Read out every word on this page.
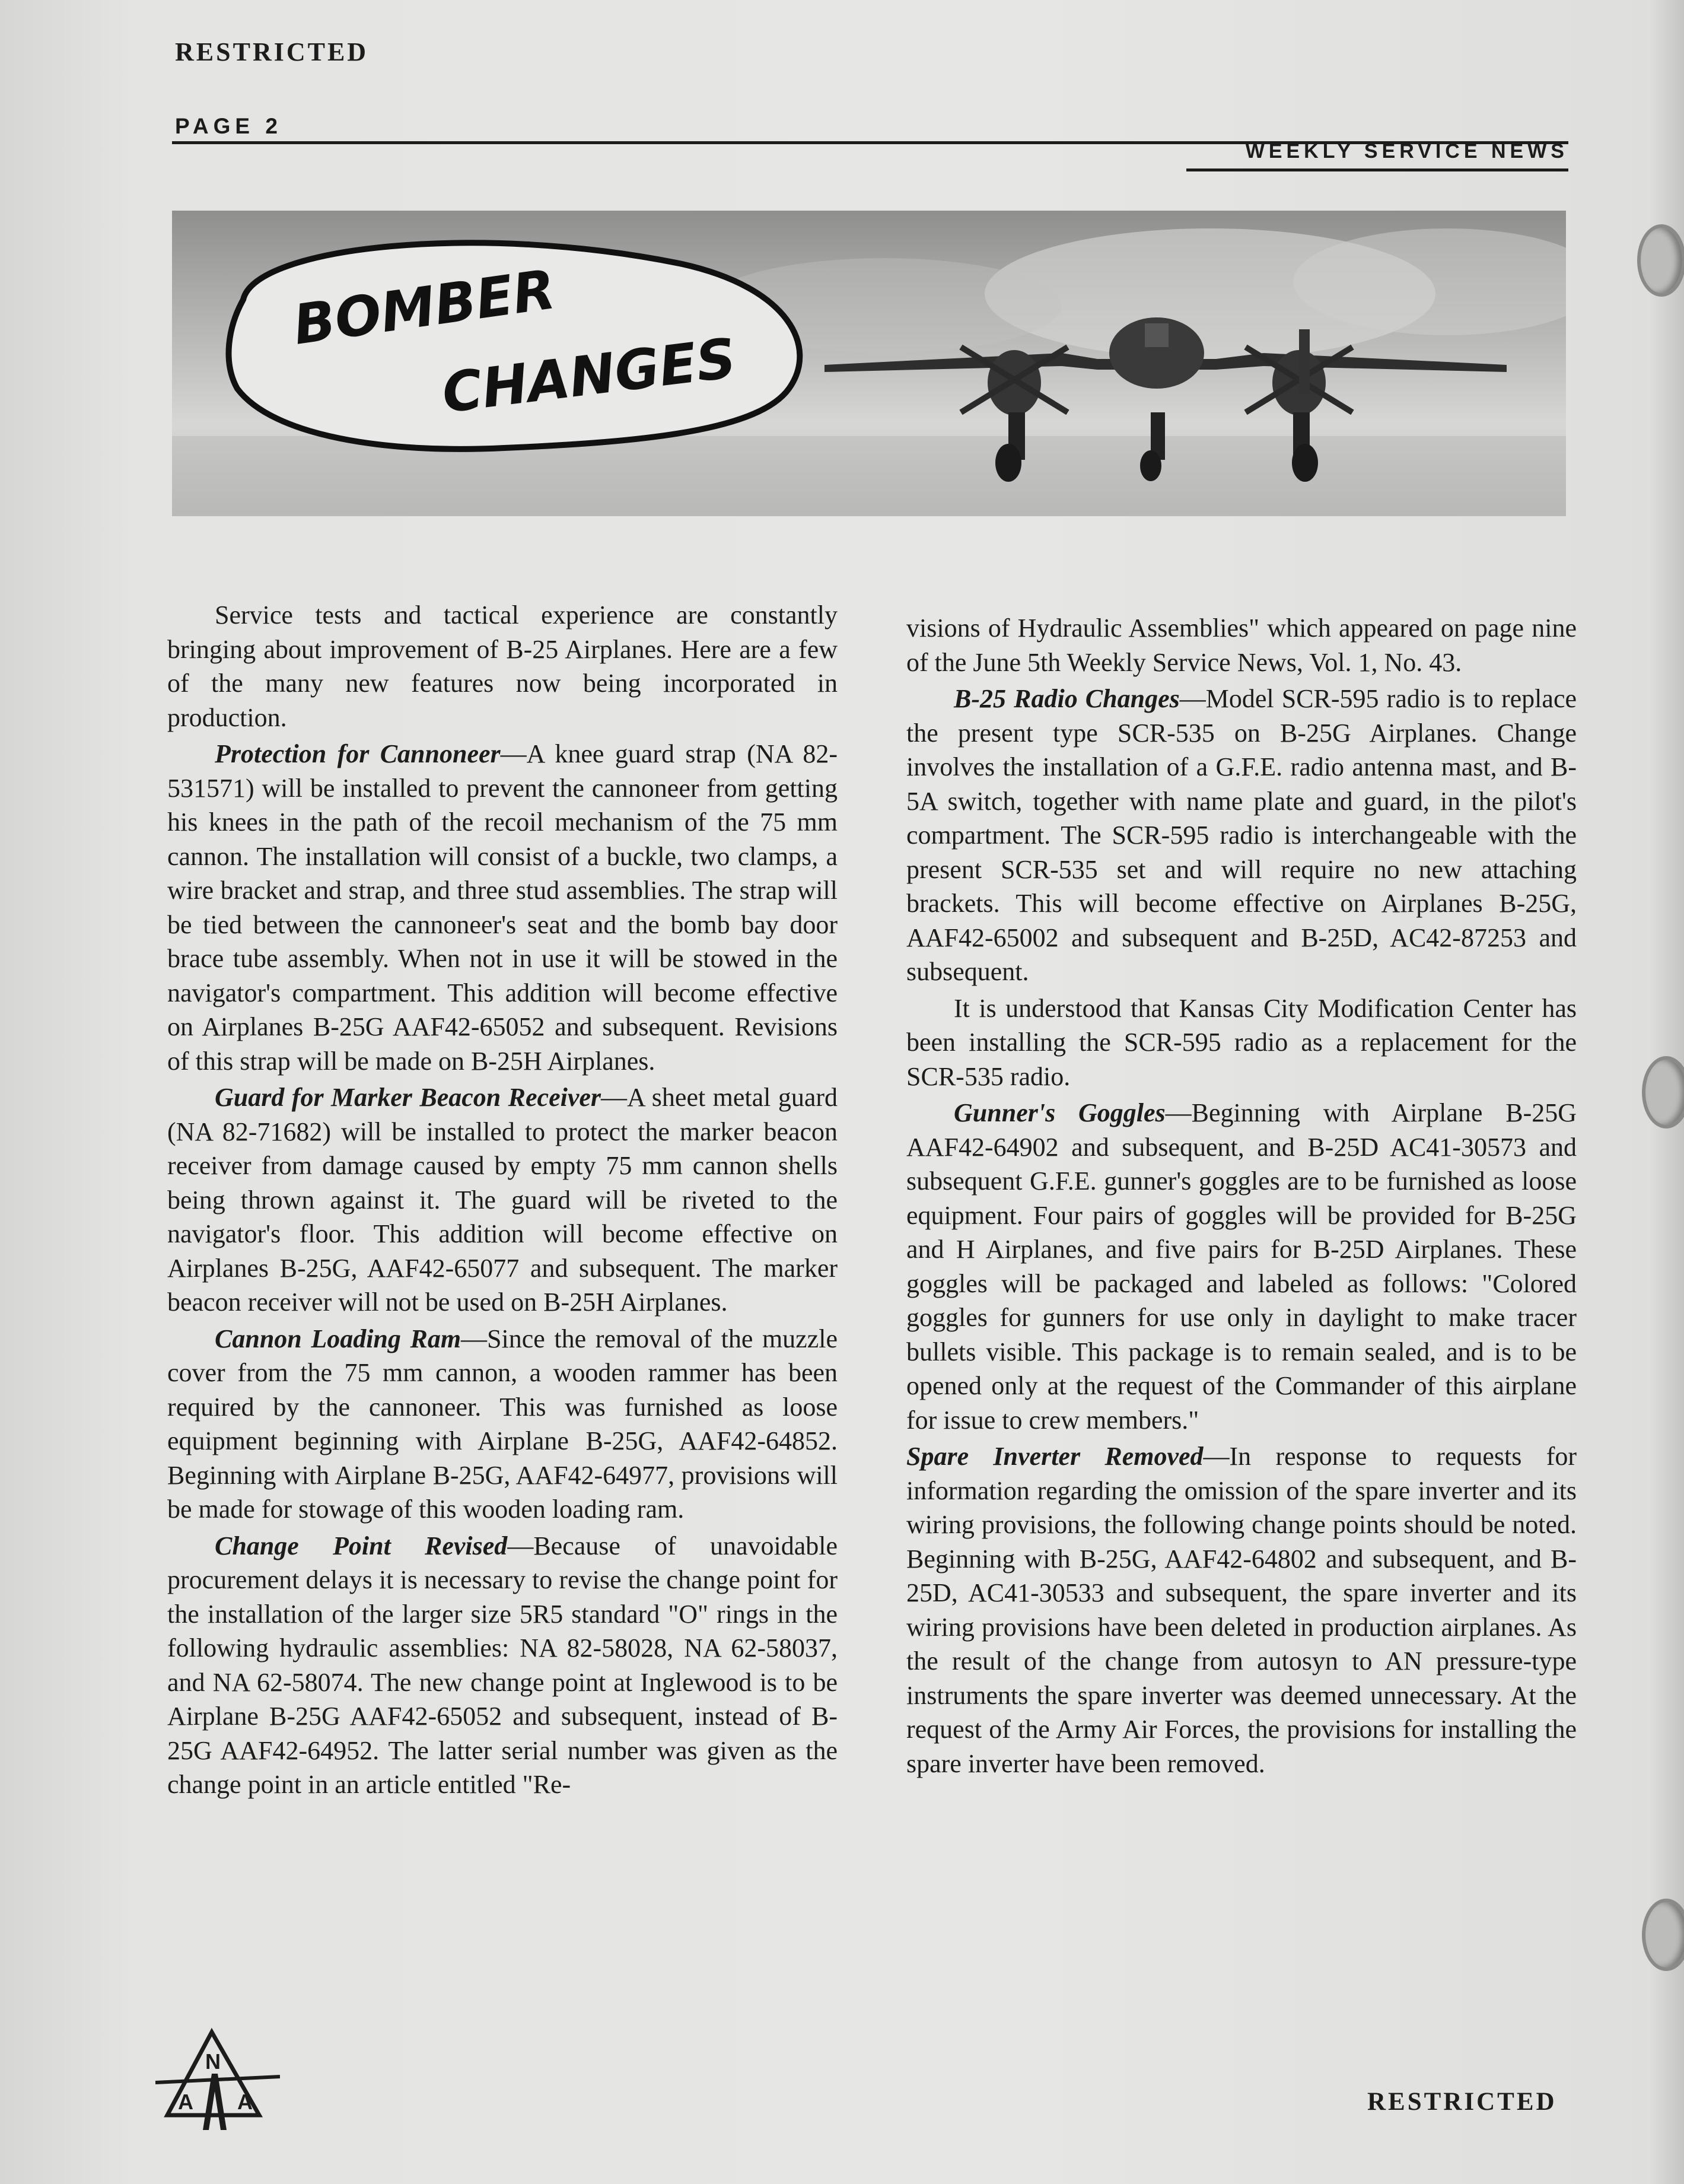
RESTRICTED
PAGE 2
WEEKLY SERVICE NEWS
BOMBER
CHANGES

Service tests and tactical experience are constantly bringing about improvement of B-25 Airplanes. Here are a few of the many new features now being incorporated in production.

Protection for Cannoneer—A knee guard strap (NA 82-531571) will be installed to prevent the cannoneer from getting his knees in the path of the recoil mechanism of the 75 mm cannon. The installation will consist of a buckle, two clamps, a wire bracket and strap, and three stud assemblies. The strap will be tied between the cannoneer's seat and the bomb bay door brace tube assembly. When not in use it will be stowed in the navigator's compartment. This addition will become effective on Airplanes B-25G AAF42-65052 and subsequent. Revisions of this strap will be made on B-25H Airplanes.

Guard for Marker Beacon Receiver—A sheet metal guard (NA 82-71682) will be installed to protect the marker beacon receiver from damage caused by empty 75 mm cannon shells being thrown against it. The guard will be riveted to the navigator's floor. This addition will become effective on Airplanes B-25G, AAF42-65077 and subsequent. The marker beacon receiver will not be used on B-25H Airplanes.

Cannon Loading Ram—Since the removal of the muzzle cover from the 75 mm cannon, a wooden rammer has been required by the cannoneer. This was furnished as loose equipment beginning with Airplane B-25G, AAF42-64852. Beginning with Airplane B-25G, AAF42-64977, provisions will be made for stowage of this wooden loading ram.

Change Point Revised—Because of unavoidable procurement delays it is necessary to revise the change point for the installation of the larger size 5R5 standard "O" rings in the following hydraulic assemblies: NA 82-58028, NA 62-58037, and NA 62-58074. The new change point at Inglewood is to be Airplane B-25G AAF42-65052 and subsequent, instead of B-25G AAF42-64952. The latter serial number was given as the change point in an article entitled "Re-

visions of Hydraulic Assemblies" which appeared on page nine of the June 5th Weekly Service News, Vol. 1, No. 43.

B-25 Radio Changes—Model SCR-595 radio is to replace the present type SCR-535 on B-25G Airplanes. Change involves the installation of a G.F.E. radio antenna mast, and B-5A switch, together with name plate and guard, in the pilot's compartment. The SCR-595 radio is interchangeable with the present SCR-535 set and will require no new attaching brackets. This will become effective on Airplanes B-25G, AAF42-65002 and subsequent and B-25D, AC42-87253 and subsequent.

It is understood that Kansas City Modification Center has been installing the SCR-595 radio as a replacement for the SCR-535 radio.

Gunner's Goggles—Beginning with Airplane B-25G AAF42-64902 and subsequent, and B-25D AC41-30573 and subsequent G.F.E. gunner's goggles are to be furnished as loose equipment. Four pairs of goggles will be provided for B-25G and H Airplanes, and five pairs for B-25D Airplanes. These goggles will be packaged and labeled as follows: "Colored goggles for gunners for use only in daylight to make tracer bullets visible. This package is to remain sealed, and is to be opened only at the request of the Commander of this airplane for issue to crew members."

Spare Inverter Removed—In response to requests for information regarding the omission of the spare inverter and its wiring provisions, the following change points should be noted. Beginning with B-25G, AAF42-64802 and subsequent, and B-25D, AC41-30533 and subsequent, the spare inverter and its wiring provisions have been deleted in production airplanes. As the result of the change from autosyn to AN pressure-type instruments the spare inverter was deemed unnecessary. At the request of the Army Air Forces, the provisions for installing the spare inverter have been removed.

N
A A	RESTRICTED
